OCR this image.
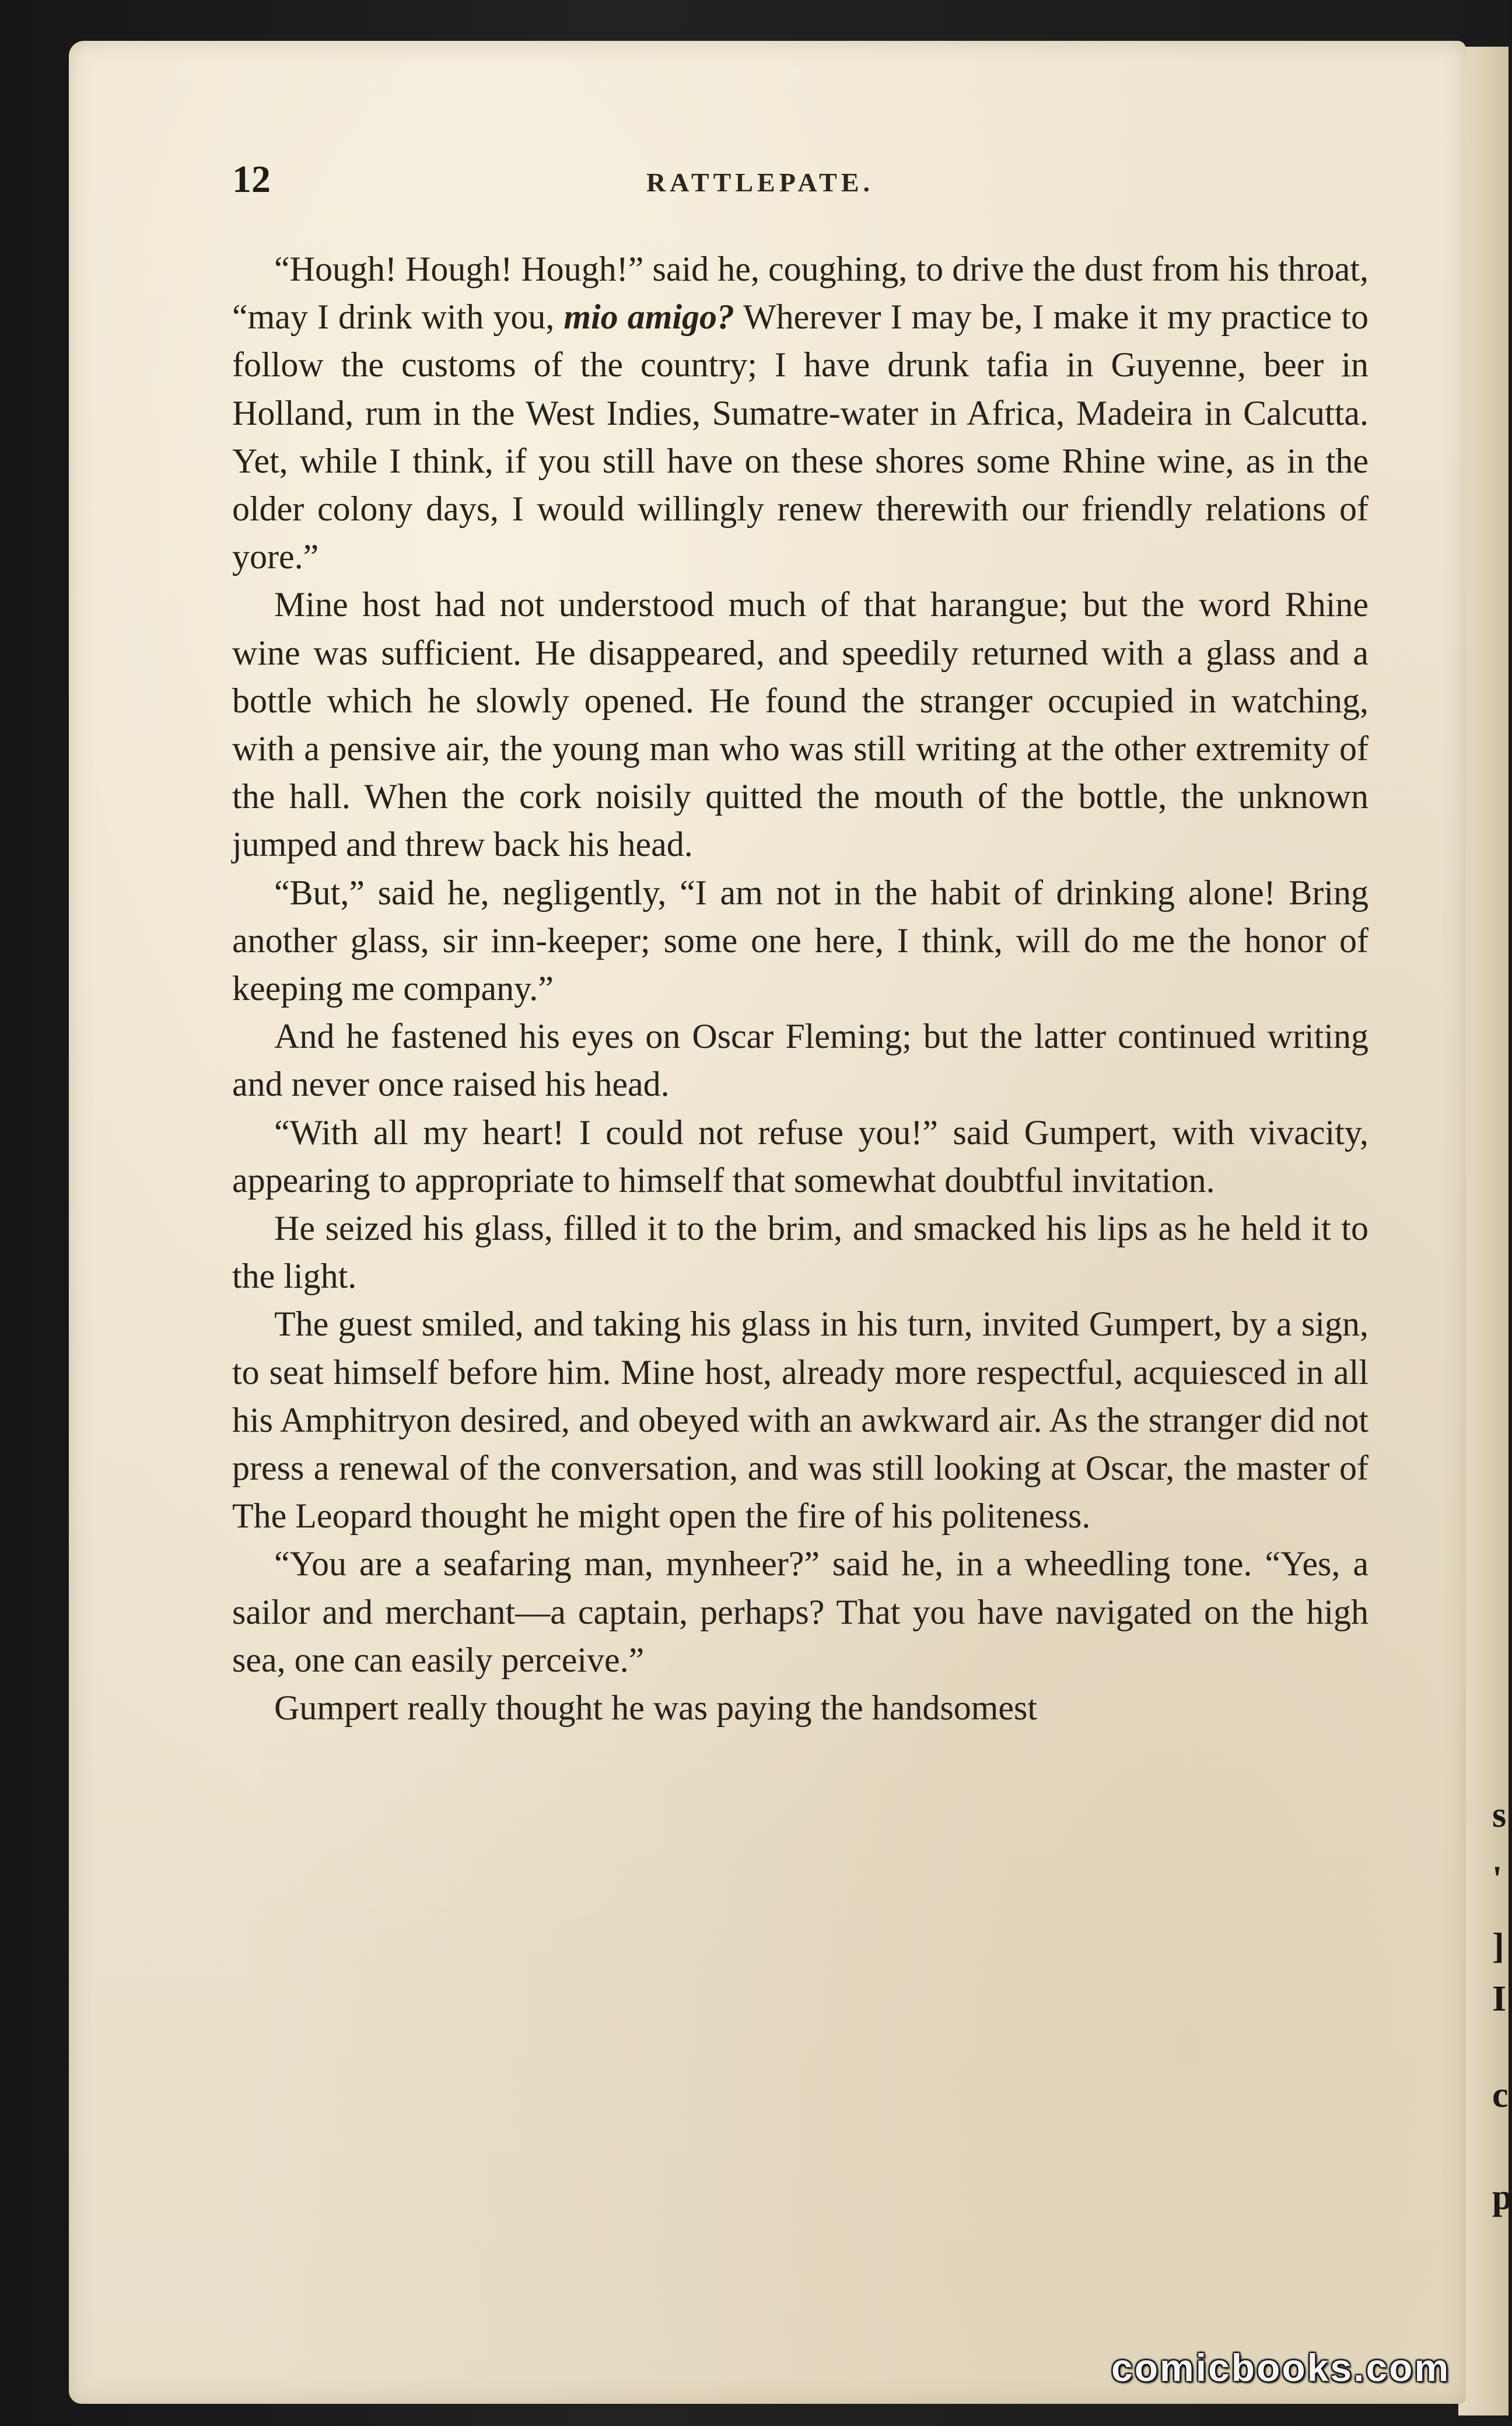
s
'
]
I
c
p
12	RATTLEPATE.

“Hough! Hough! Hough!” said he, coughing, to drive the dust from his throat, “may I drink with you, mio amigo? Wherever I may be, I make it my practice to follow the customs of the country; I have drunk tafia in Guyenne, beer in Holland, rum in the West Indies, Sumatre-water in Africa, Madeira in Calcutta. Yet, while I think, if you still have on these shores some Rhine wine, as in the older colony days, I would willingly renew therewith our friendly relations of yore.”

Mine host had not understood much of that harangue; but the word Rhine wine was sufficient. He disappeared, and speedily returned with a glass and a bottle which he slowly opened. He found the stranger occupied in watching, with a pensive air, the young man who was still writing at the other extremity of the hall. When the cork noisily quitted the mouth of the bottle, the unknown jumped and threw back his head.

“But,” said he, negligently, “I am not in the habit of drinking alone! Bring another glass, sir inn-keeper; some one here, I think, will do me the honor of keeping me company.”

And he fastened his eyes on Oscar Fleming; but the latter continued writing and never once raised his head.

“With all my heart! I could not refuse you!” said Gumpert, with vivacity, appearing to appropriate to himself that somewhat doubtful invitation.

He seized his glass, filled it to the brim, and smacked his lips as he held it to the light.

The guest smiled, and taking his glass in his turn, invited Gumpert, by a sign, to seat himself before him. Mine host, already more respectful, acquiesced in all his Amphitryon desired, and obeyed with an awkward air. As the stranger did not press a renewal of the conversation, and was still looking at Oscar, the master of The Leopard thought he might open the fire of his politeness.

“You are a seafaring man, mynheer?” said he, in a wheedling tone. “Yes, a sailor and merchant—a captain, perhaps? That you have navigated on the high sea, one can easily perceive.”

Gumpert really thought he was paying the handsomest

comicbooks.com
